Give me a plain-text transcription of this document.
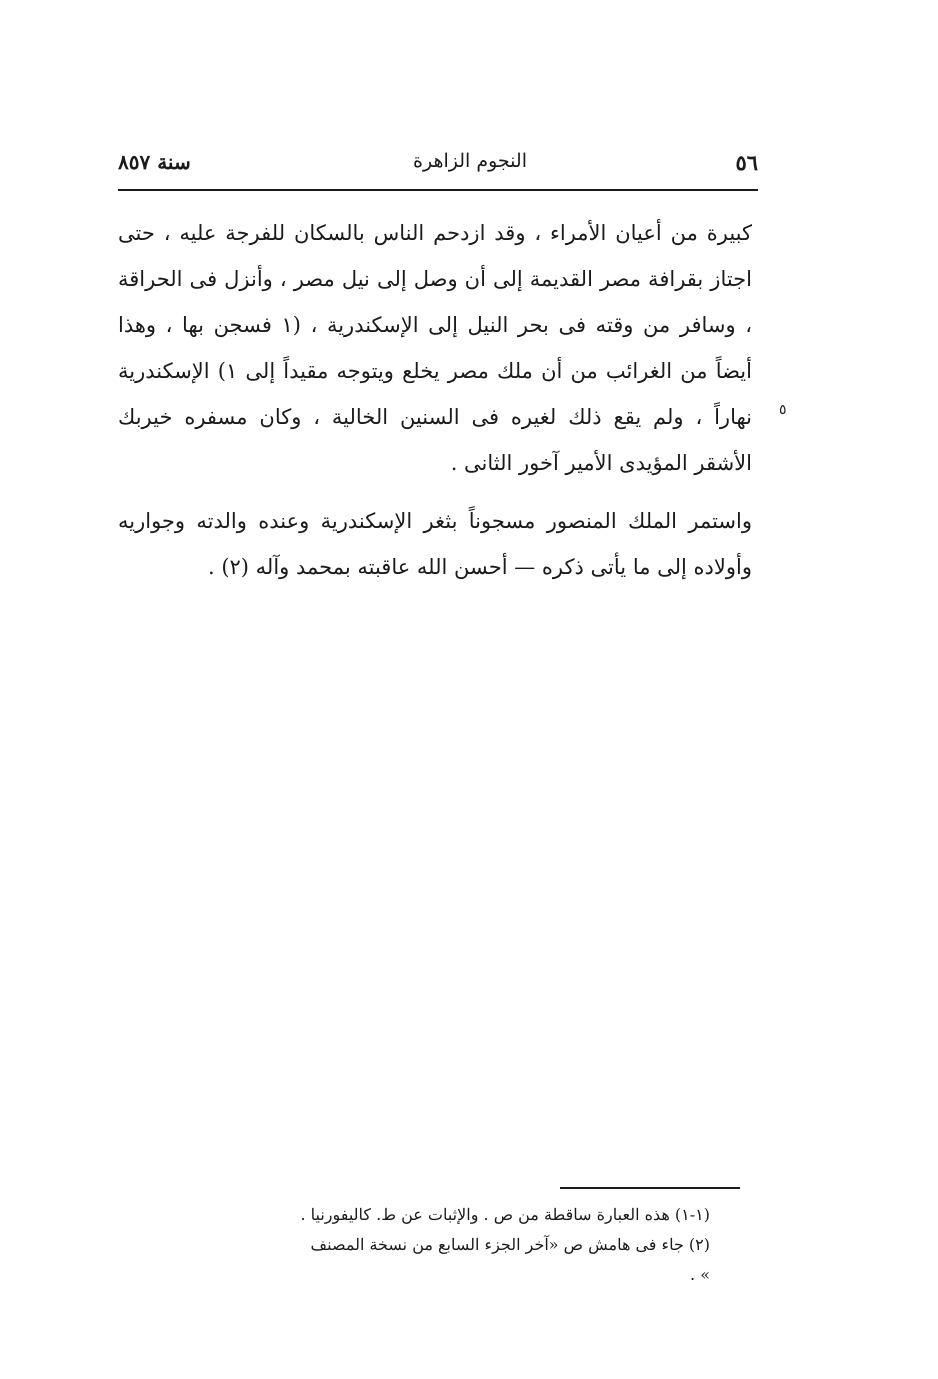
٥٦
النجوم الزاهرة
سنة ٨٥٧

كبيرة من أعيان الأمراء ، وقد ازدحم الناس بالسكان للفرجة عليه ، حتى اجتاز بقرافة مصر القديمة إلى أن وصل إلى نيل مصر ، وأنزل فى الحراقة ، وسافر من وقته فى بحر النيل إلى الإسكندرية ، (١ فسجن بها ، وهذا أيضاً من الغرائب من أن ملك مصر يخلع ويتوجه مقيداً إلى ١) الإسكندرية نهاراً ، ولم يقع ذلك لغيره فى السنين الخالية ، وكان مسفره خيربك الأشقر المؤيدى الأمير آخور الثانى .

واستمر الملك المنصور مسجوناً بثغر الإسكندرية وعنده والدته وجواريه وأولاده إلى ما يأتى ذكره — أحسن الله عاقبته بمحمد وآله (٢) .

٥

(١-١) هذه العبارة ساقطة من ص . والإثبات عن ط. كاليفورنيا .

(٢) جاء فى هامش ص «آخر الجزء السابع من نسخة المصنف » .
